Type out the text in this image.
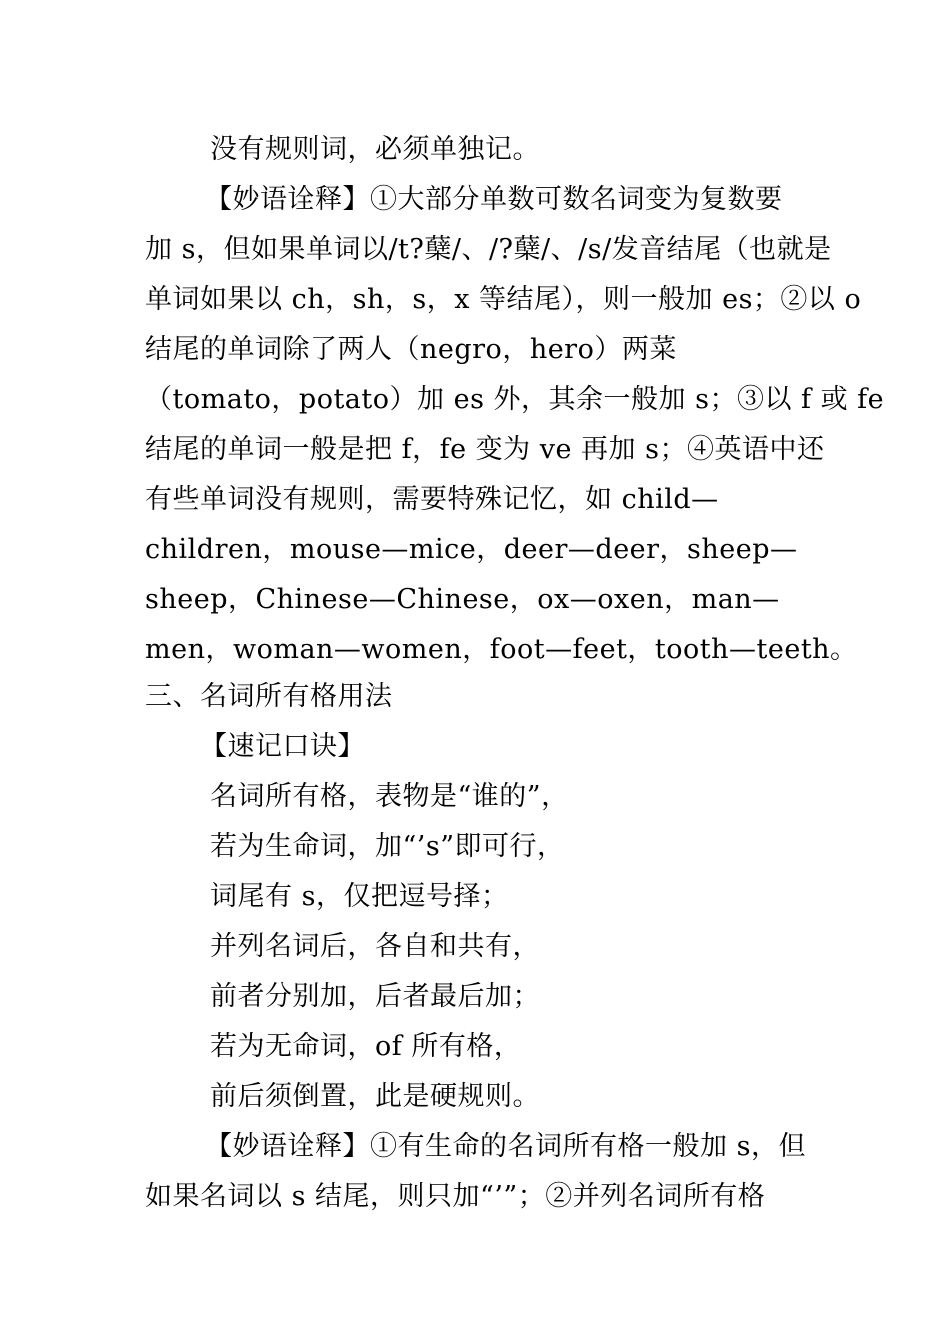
没有规则词，必须单独记。
【妙语诠释】①大部分单数可数名词变为复数要
加 s，但如果单词以/t?蘖/、/?蘖/、/s/发音结尾（也就是
单词如果以 ch，sh，s，x 等结尾），则一般加 es；②以 o
结尾的单词除了两人（negro，hero）两菜
（tomato，potato）加 es 外，其余一般加 s；③以 f 或 fe
结尾的单词一般是把 f，fe 变为 ve 再加 s；④英语中还
有些单词没有规则，需要特殊记忆，如 child—
children，mouse—mice，deer—deer，sheep—
sheep，Chinese—Chinese，ox—oxen，man—
men，woman—women，foot—feet，tooth—teeth。
三、名词所有格用法
【速记口诀】
名词所有格，表物是“谁的”，
若为生命词，加“’s”即可行，
词尾有 s，仅把逗号择；
并列名词后，各自和共有，
前者分别加，后者最后加；
若为无命词，of 所有格，
前后须倒置，此是硬规则。
【妙语诠释】①有生命的名词所有格一般加 s，但
如果名词以 s 结尾，则只加“’”；②并列名词所有格
